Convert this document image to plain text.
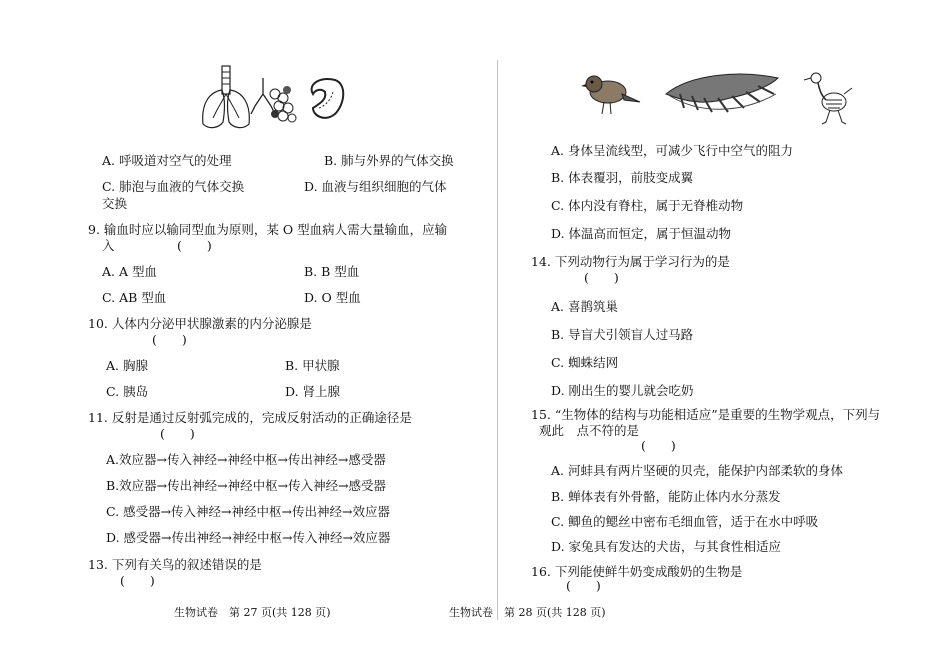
A. 呼吸道对空气的处理	B. 肺与外界的气体交换
C. 肺泡与血液的气体交换	D. 血液与组织细胞的气体
交换
9. 输血时应以输同型血为原则，某 O 型血病人需大量输血，应输
入　　　　　(　　)
A. A 型血	B. B 型血
C. AB 型血	D. O 型血
10. 人体内分泌甲状腺激素的内分泌腺是
(　　)
A. 胸腺	B. 甲状腺
C. 胰岛	D. 肾上腺
11. 反射是通过反射弧完成的，完成反射活动的正确途径是
(　　)
A.效应器→传入神经→神经中枢→传出神经→感受器
B.效应器→传出神经→神经中枢→传入神经→感受器
C. 感受器→传入神经→神经中枢→传出神经→效应器
D. 感受器→传出神经→神经中枢→传入神经→效应器
13. 下列有关鸟的叙述错误的是
(　　)
生物试卷　第 27 页(共 128 页)
A. 身体呈流线型，可减少飞行中空气的阻力
B. 体表覆羽，前肢变成翼
C. 体内没有脊柱，属于无脊椎动物
D. 体温高而恒定，属于恒温动物
14. 下列动物行为属于学习行为的是
(　　)
A. 喜鹊筑巢
B. 导盲犬引领盲人过马路
C. 蜘蛛结网
D. 刚出生的婴儿就会吃奶
15. “生物体的结构与功能相适应”是重要的生物学观点，下列与
观此　点不符的是
(　　)
A. 河蚌具有两片坚硬的贝壳，能保护内部柔软的身体
B. 蝉体表有外骨骼，能防止体内水分蒸发
C. 鲫鱼的鳃丝中密布毛细血管，适于在水中呼吸
D. 家兔具有发达的犬齿，与其食性相适应
16. 下列能使鲜牛奶变成酸奶的生物是
(　　)
生物试卷　第 28 页(共 128 页)
